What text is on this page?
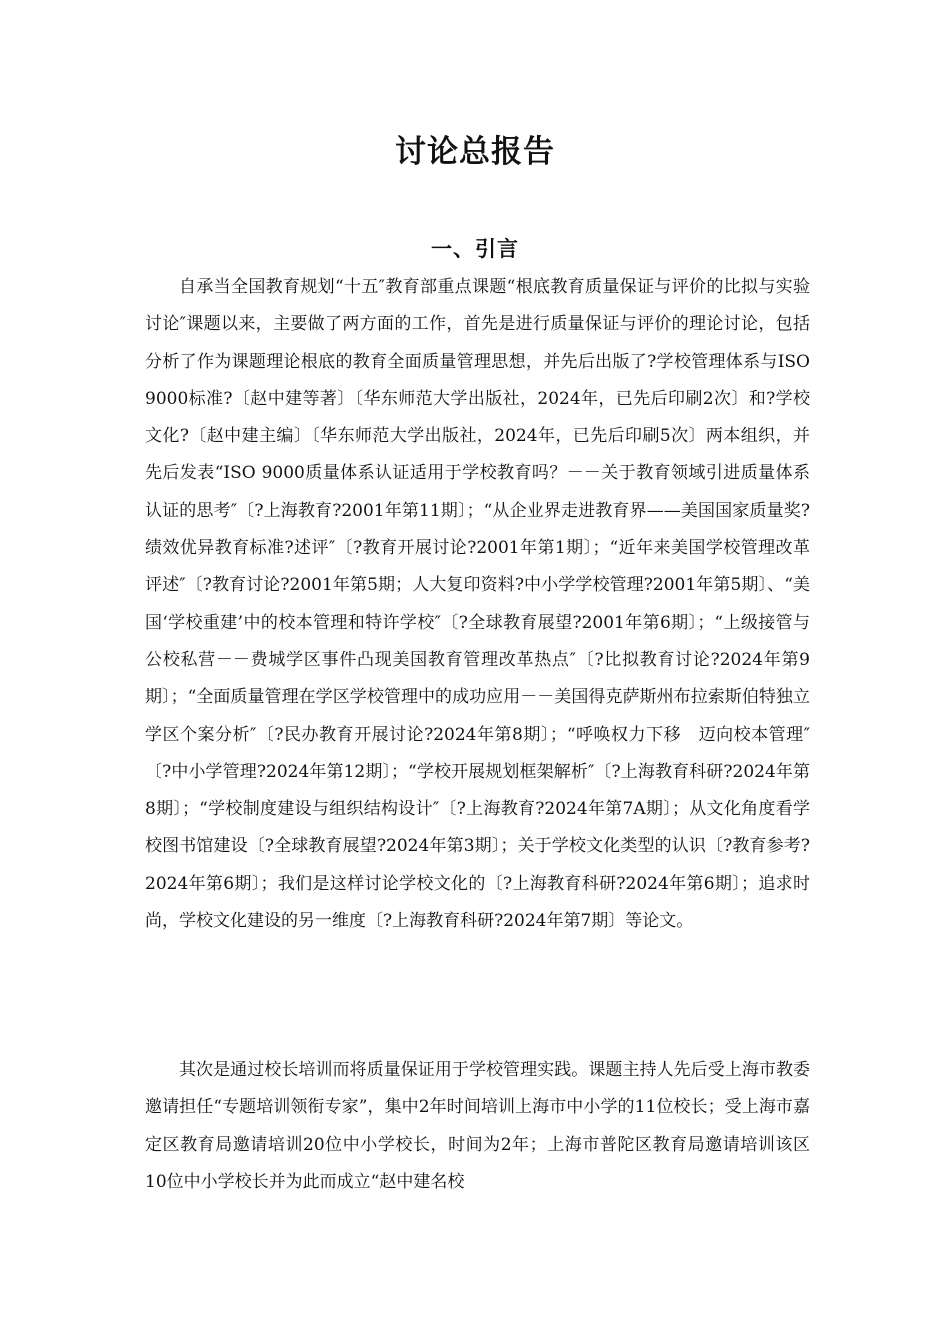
讨论总报告
一、引言

自承当全国教育规划“十五″教育部重点课题“根底教育质量保证与评价的比拟与实验讨论″课题以来，主要做了两方面的工作，首先是进行质量保证与评价的理论讨论，包括分析了作为课题理论根底的教育全面质量管理思想，并先后出版了?学校管理体系与ISO 9000标准?〔赵中建等著〕〔华东师范大学出版社，2024年，已先后印刷2次〕和?学校文化?〔赵中建主编〕〔华东师范大学出版社，2024年，已先后印刷5次〕两本组织，并先后发表“ISO 9000质量体系认证适用于学校教育吗？－－关于教育领域引进质量体系认证的思考″〔?上海教育?2001年第11期〕；“从企业界走进教育界——美国国家质量奖?绩效优异教育标准?述评″〔?教育开展讨论?2001年第1期〕；“近年来美国学校管理改革评述″〔?教育讨论?2001年第5期；人大复印资料?中小学学校管理?2001年第5期〕、“美国‘学校重建’中的校本管理和特许学校″〔?全球教育展望?2001年第6期〕；“上级接管与公校私营－－费城学区事件凸现美国教育管理改革热点″〔?比拟教育讨论?2024年第9期〕；“全面质量管理在学区学校管理中的成功应用－－美国得克萨斯州布拉索斯伯特独立学区个案分析″〔?民办教育开展讨论?2024年第8期〕；“呼唤权力下移　迈向校本管理″〔?中小学管理?2024年第12期〕；“学校开展规划框架解析″〔?上海教育科研?2024年第8期〕；“学校制度建设与组织结构设计″〔?上海教育?2024年第7A期〕；从文化角度看学校图书馆建设〔?全球教育展望?2024年第3期〕；关于学校文化类型的认识〔?教育参考?2024年第6期〕；我们是这样讨论学校文化的〔?上海教育科研?2024年第6期〕；追求时尚，学校文化建设的另一维度〔?上海教育科研?2024年第7期〕等论文。

其次是通过校长培训而将质量保证用于学校管理实践。课题主持人先后受上海市教委邀请担任“专题培训领衔专家”，集中2年时间培训上海市中小学的11位校长；受上海市嘉定区教育局邀请培训20位中小学校长，时间为2年；上海市普陀区教育局邀请培训该区10位中小学校长并为此而成立“赵中建名校
